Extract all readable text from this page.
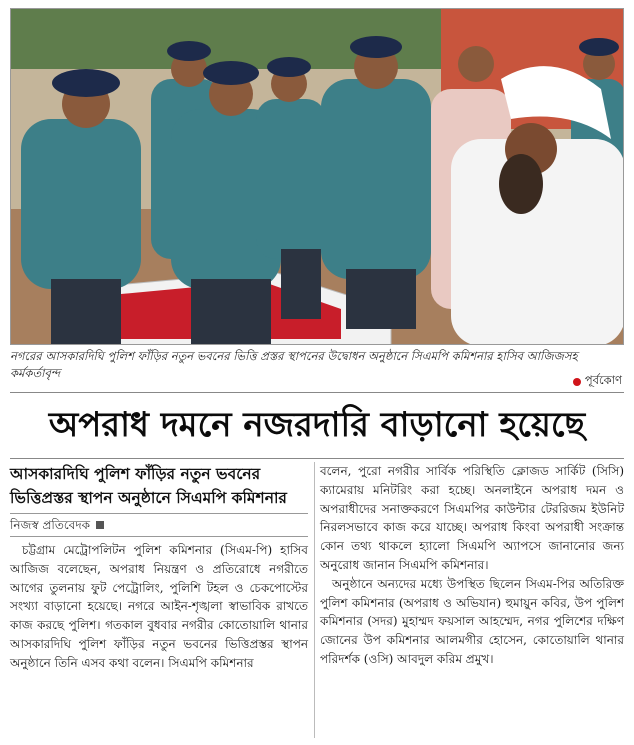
নগরের আসকারদিঘি পুলিশ ফাঁড়ির নতুন ভবনের ভিত্তি প্রস্তর স্থাপনের উদ্বোধন অনুষ্ঠানে সিএমপি কমিশনার হাসিব আজিজসহ কর্মকর্তাবৃন্দ	পূর্বকোণ
অপরাধ দমনে নজরদারি বাড়ানো হয়েছে
আসকারদিঘি পুলিশ ফাঁড়ির নতুন ভবনের ভিত্তিপ্রস্তর স্থাপন অনুষ্ঠানে সিএমপি কমিশনার
নিজস্ব প্রতিবেদক

চট্টগ্রাম মেট্রোপলিটন পুলিশ কমিশনার (সিএম-পি) হাসিব আজিজ বলেছেন, অপরাধ নিয়ন্ত্রণ ও প্রতিরোধে নগরীতে আগের তুলনায় ফুট পেট্রোলিং, পুলিশি টহল ও চেকপোস্টের সংখ্যা বাড়ানো হয়েছে। নগরে আইন-শৃঙ্খলা স্বাভাবিক রাখতে কাজ করছে পুলিশ। গতকাল বুধবার নগরীর কোতোয়ালি থানার আসকারদিঘি পুলিশ ফাঁড়ির নতুন ভবনের ভিত্তিপ্রস্তর স্থাপন অনুষ্ঠানে তিনি এসব কথা বলেন। সিএমপি কমিশনার

বলেন, পুরো নগরীর সার্বিক পরিস্থিতি ক্লোজড সার্কিট (সিসি) ক্যামেরায় মনিটরিং করা হচ্ছে। অনলাইনে অপরাধ দমন ও অপরাধীদের সনাক্তকরণে সিএমপির কাউন্টার টেররিজম ইউনিট নিরলসভাবে কাজ করে যাচ্ছে। অপরাধ কিংবা অপরাধী সংক্রান্ত কোন তথ্য থাকলে হ্যালো সিএমপি অ্যাপসে জানানোর জন্য অনুরোধ জানান সিএমপি কমিশনার।

অনুষ্ঠানে অন্যদের মধ্যে উপস্থিত ছিলেন সিএম-পির অতিরিক্ত পুলিশ কমিশনার (অপরাধ ও অভিযান) হুমায়ুন কবির, উপ পুলিশ কমিশনার (সদর) মুহাম্মদ ফয়সাল আহম্মেদ, নগর পুলিশের দক্ষিণ জোনের উপ কমিশনার আলমগীর হোসেন, কোতোয়ালি থানার পরিদর্শক (ওসি) আবদুল করিম প্রমুখ।
